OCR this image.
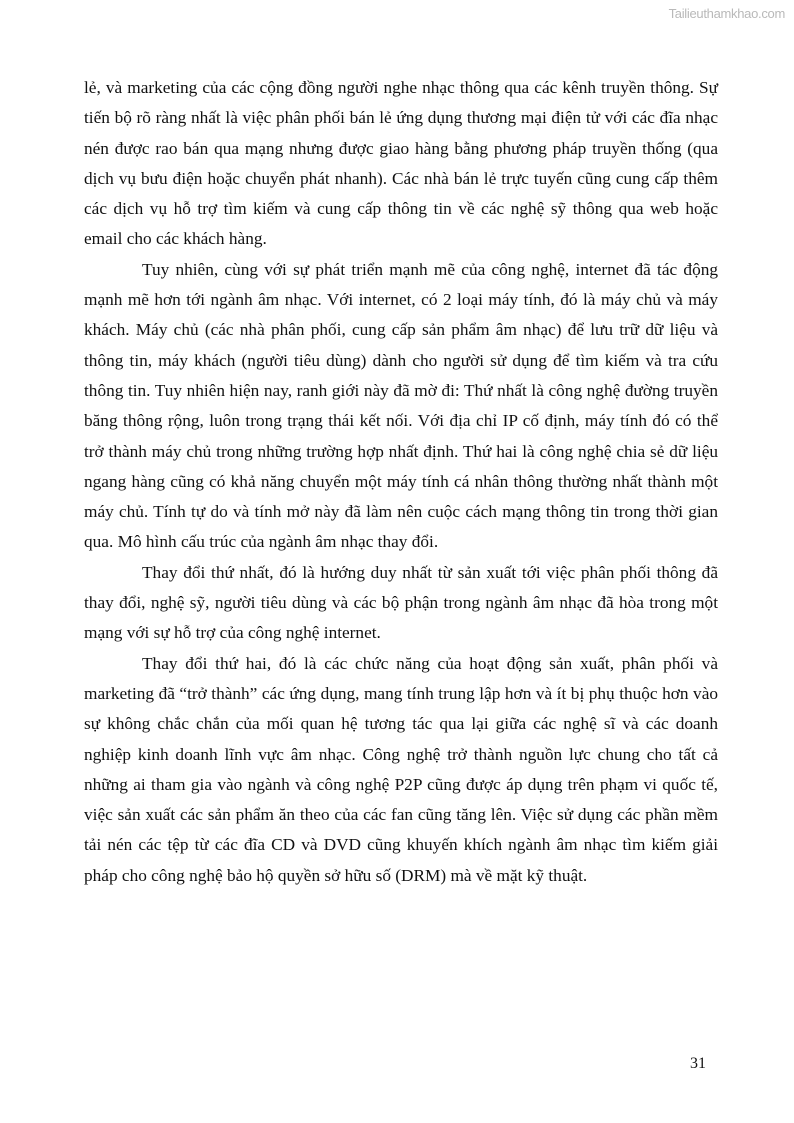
Tailieuthamkhao.com

lẻ, và marketing của các cộng đồng người nghe nhạc thông qua các kênh truyền thông. Sự tiến bộ rõ ràng nhất là việc phân phối bán lẻ ứng dụng thương mại điện tử với các đĩa nhạc nén được rao bán qua mạng nhưng được giao hàng bằng phương pháp truyền thống (qua dịch vụ bưu điện hoặc chuyển phát nhanh). Các nhà bán lẻ trực tuyến cũng cung cấp thêm các dịch vụ hỗ trợ tìm kiếm và cung cấp thông tin về các nghệ sỹ thông qua web hoặc email cho các khách hàng.

Tuy nhiên, cùng với sự phát triển mạnh mẽ của công nghệ, internet đã tác động mạnh mẽ hơn tới ngành âm nhạc. Với internet, có 2 loại máy tính, đó là máy chủ và máy khách. Máy chủ (các nhà phân phối, cung cấp sản phẩm âm nhạc) để lưu trữ dữ liệu và thông tin, máy khách (người tiêu dùng) dành cho người sử dụng để tìm kiếm và tra cứu thông tin. Tuy nhiên hiện nay, ranh giới này đã mờ đi: Thứ nhất là công nghệ đường truyền băng thông rộng, luôn trong trạng thái kết nối. Với địa chỉ IP cố định, máy tính đó có thể trở thành máy chủ trong những trường hợp nhất định. Thứ hai là công nghệ chia sẻ dữ liệu ngang hàng cũng có khả năng chuyển một máy tính cá nhân thông thường nhất thành một máy chủ. Tính tự do và tính mở này đã làm nên cuộc cách mạng thông tin trong thời gian qua. Mô hình cấu trúc của ngành âm nhạc thay đổi.

Thay đổi thứ nhất, đó là hướng duy nhất từ sản xuất tới việc phân phối thông đã thay đổi, nghệ sỹ, người tiêu dùng và các bộ phận trong ngành âm nhạc đã hòa trong một mạng với sự hỗ trợ của công nghệ internet.

Thay đổi thứ hai, đó là các chức năng của hoạt động sản xuất, phân phối và marketing đã “trở thành” các ứng dụng, mang tính trung lập hơn và ít bị phụ thuộc hơn vào sự không chắc chắn của mối quan hệ tương tác qua lại giữa các nghệ sĩ và các doanh nghiệp kinh doanh lĩnh vực âm nhạc. Công nghệ trở thành nguồn lực chung cho tất cả những ai tham gia vào ngành và công nghệ P2P cũng được áp dụng trên phạm vi quốc tế, việc sản xuất các sản phẩm ăn theo của các fan cũng tăng lên. Việc sử dụng các phần mềm tải nén các tệp từ các đĩa CD và DVD cũng khuyến khích ngành âm nhạc tìm kiếm giải pháp cho công nghệ bảo hộ quyền sở hữu số (DRM) mà về mặt kỹ thuật.

31
